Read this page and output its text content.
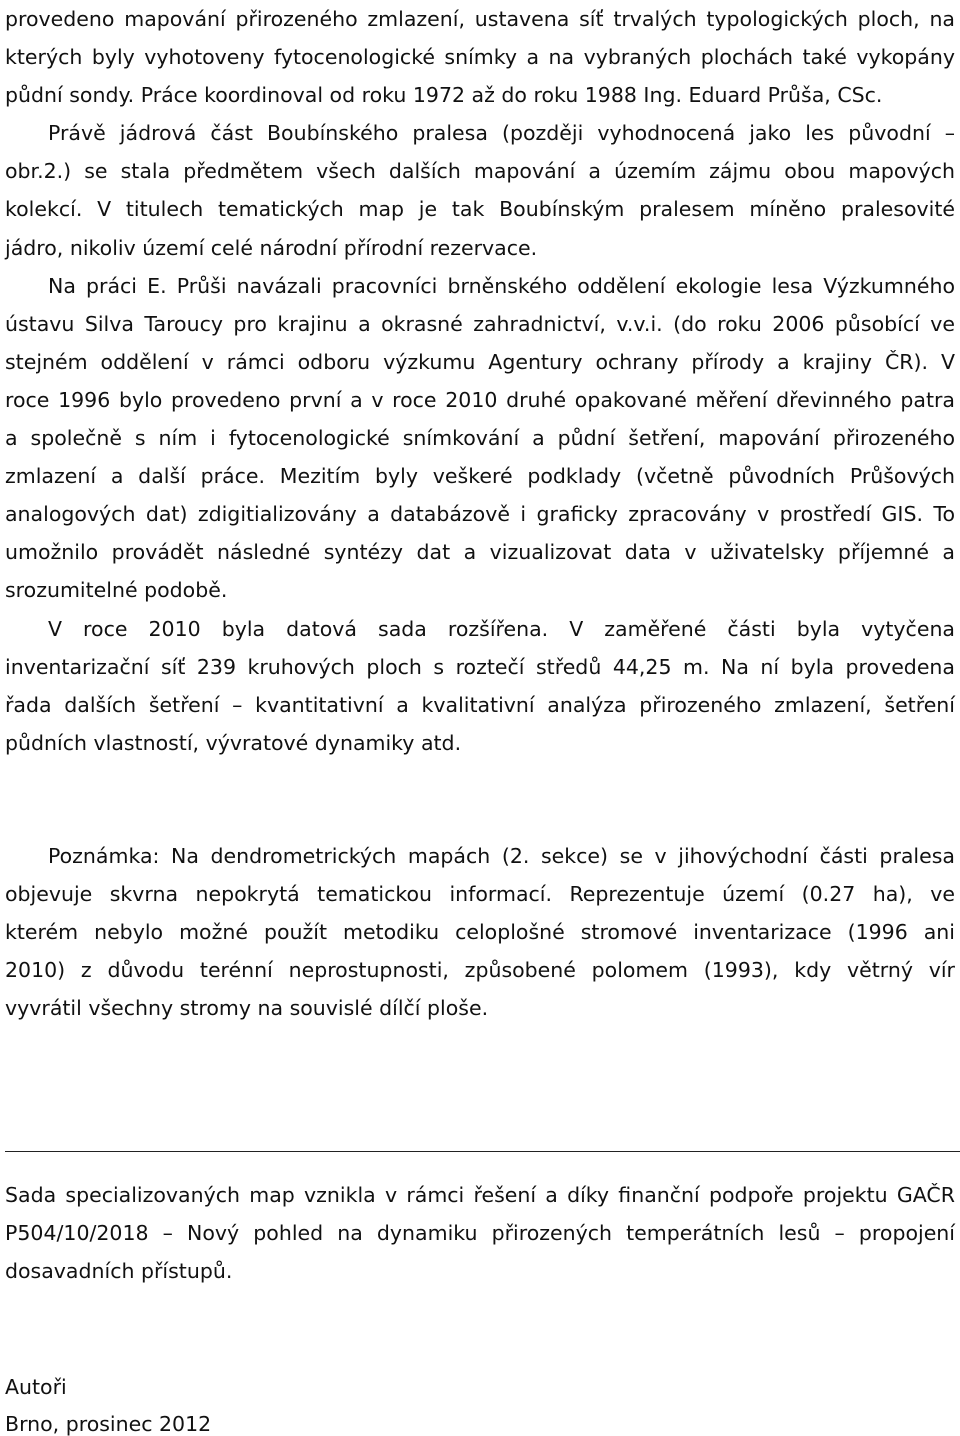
provedeno mapování přirozeného zmlazení, ustavena síť trvalých typologických ploch, na
kterých byly vyhotoveny fytocenologické snímky a na vybraných plochách také vykopány
půdní sondy. Práce koordinoval od roku 1972 až do roku 1988 Ing. Eduard Průša, CSc.
Právě jádrová část Boubínského pralesa (později vyhodnocená jako les původní –
obr.2.) se stala předmětem všech dalších mapování a územím zájmu obou mapových
kolekcí. V titulech tematických map je tak Boubínským pralesem míněno pralesovité
jádro, nikoliv území celé národní přírodní rezervace.
Na práci E. Průši navázali pracovníci brněnského oddělení ekologie lesa Výzkumného
ústavu Silva Taroucy pro krajinu a okrasné zahradnictví, v.v.i. (do roku 2006 působící ve
stejném oddělení v rámci odboru výzkumu Agentury ochrany přírody a krajiny ČR). V
roce 1996 bylo provedeno první a v roce 2010 druhé opakované měření dřevinného patra
a společně s ním i fytocenologické snímkování a půdní šetření, mapování přirozeného
zmlazení a další práce. Mezitím byly veškeré podklady (včetně původních Průšových
analogových dat) zdigitializovány a databázově i graficky zpracovány v prostředí GIS. To
umožnilo provádět následné syntézy dat a vizualizovat data v uživatelsky příjemné a
srozumitelné podobě.
V roce 2010 byla datová sada rozšířena. V zaměřené části byla vytyčena
inventarizační síť 239 kruhových ploch s roztečí středů 44,25 m. Na ní byla provedena
řada dalších šetření – kvantitativní a kvalitativní analýza přirozeného zmlazení, šetření
půdních vlastností, vývratové dynamiky atd.
Poznámka: Na dendrometrických mapách (2. sekce) se v jihovýchodní části pralesa
objevuje skvrna nepokrytá tematickou informací. Reprezentuje území (0.27 ha), ve
kterém nebylo možné použít metodiku celoplošné stromové inventarizace (1996 ani
2010) z důvodu terénní neprostupnosti, způsobené polomem (1993), kdy větrný vír
vyvrátil všechny stromy na souvislé dílčí ploše.
Sada specializovaných map vznikla v rámci řešení a díky finanční podpoře projektu GAČR
P504/10/2018 – Nový pohled na dynamiku přirozených temperátních lesů – propojení
dosavadních přístupů.
Autoři
Brno, prosinec 2012
